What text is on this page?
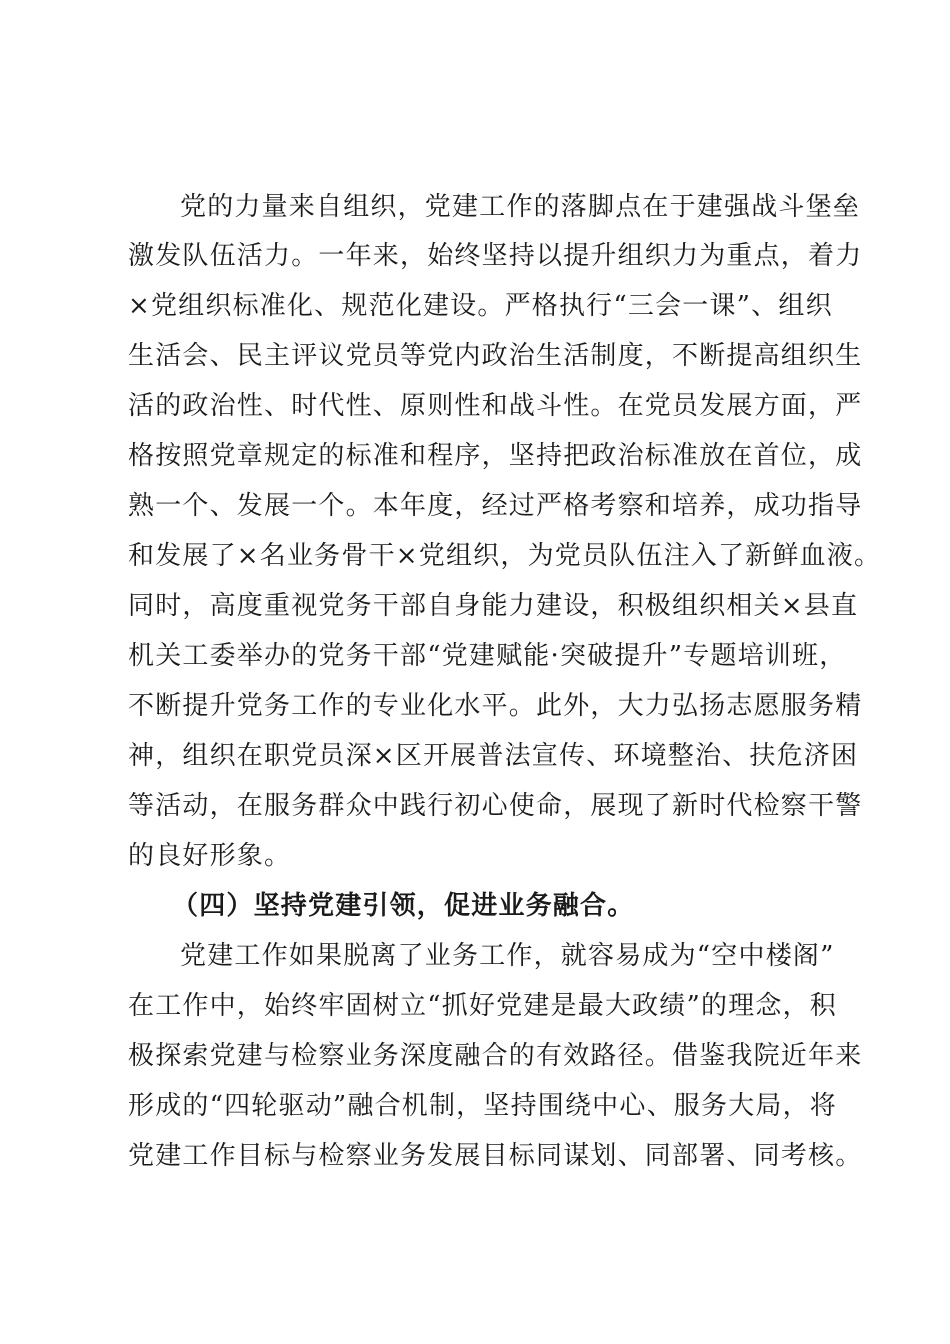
党的力量来自组织，党建工作的落脚点在于建强战斗堡垒
激发队伍活力。一年来，始终坚持以提升组织力为重点，着力
×党组织标准化、规范化建设。严格执行“三会一课”、组织
生活会、民主评议党员等党内政治生活制度，不断提高组织生
活的政治性、时代性、原则性和战斗性。在党员发展方面，严
格按照党章规定的标准和程序，坚持把政治标准放在首位，成
熟一个、发展一个。本年度，经过严格考察和培养，成功指导
和发展了×名业务骨干×党组织，为党员队伍注入了新鲜血液。
同时，高度重视党务干部自身能力建设，积极组织相关×县直
机关工委举办的党务干部“党建赋能·突破提升”专题培训班，
不断提升党务工作的专业化水平。此外，大力弘扬志愿服务精
神，组织在职党员深×区开展普法宣传、环境整治、扶危济困
等活动，在服务群众中践行初心使命，展现了新时代检察干警
的良好形象。
（四）坚持党建引领，促进业务融合。
党建工作如果脱离了业务工作，就容易成为“空中楼阁”
在工作中，始终牢固树立“抓好党建是最大政绩”的理念，积
极探索党建与检察业务深度融合的有效路径。借鉴我院近年来
形成的“四轮驱动”融合机制，坚持围绕中心、服务大局，将
党建工作目标与检察业务发展目标同谋划、同部署、同考核。
